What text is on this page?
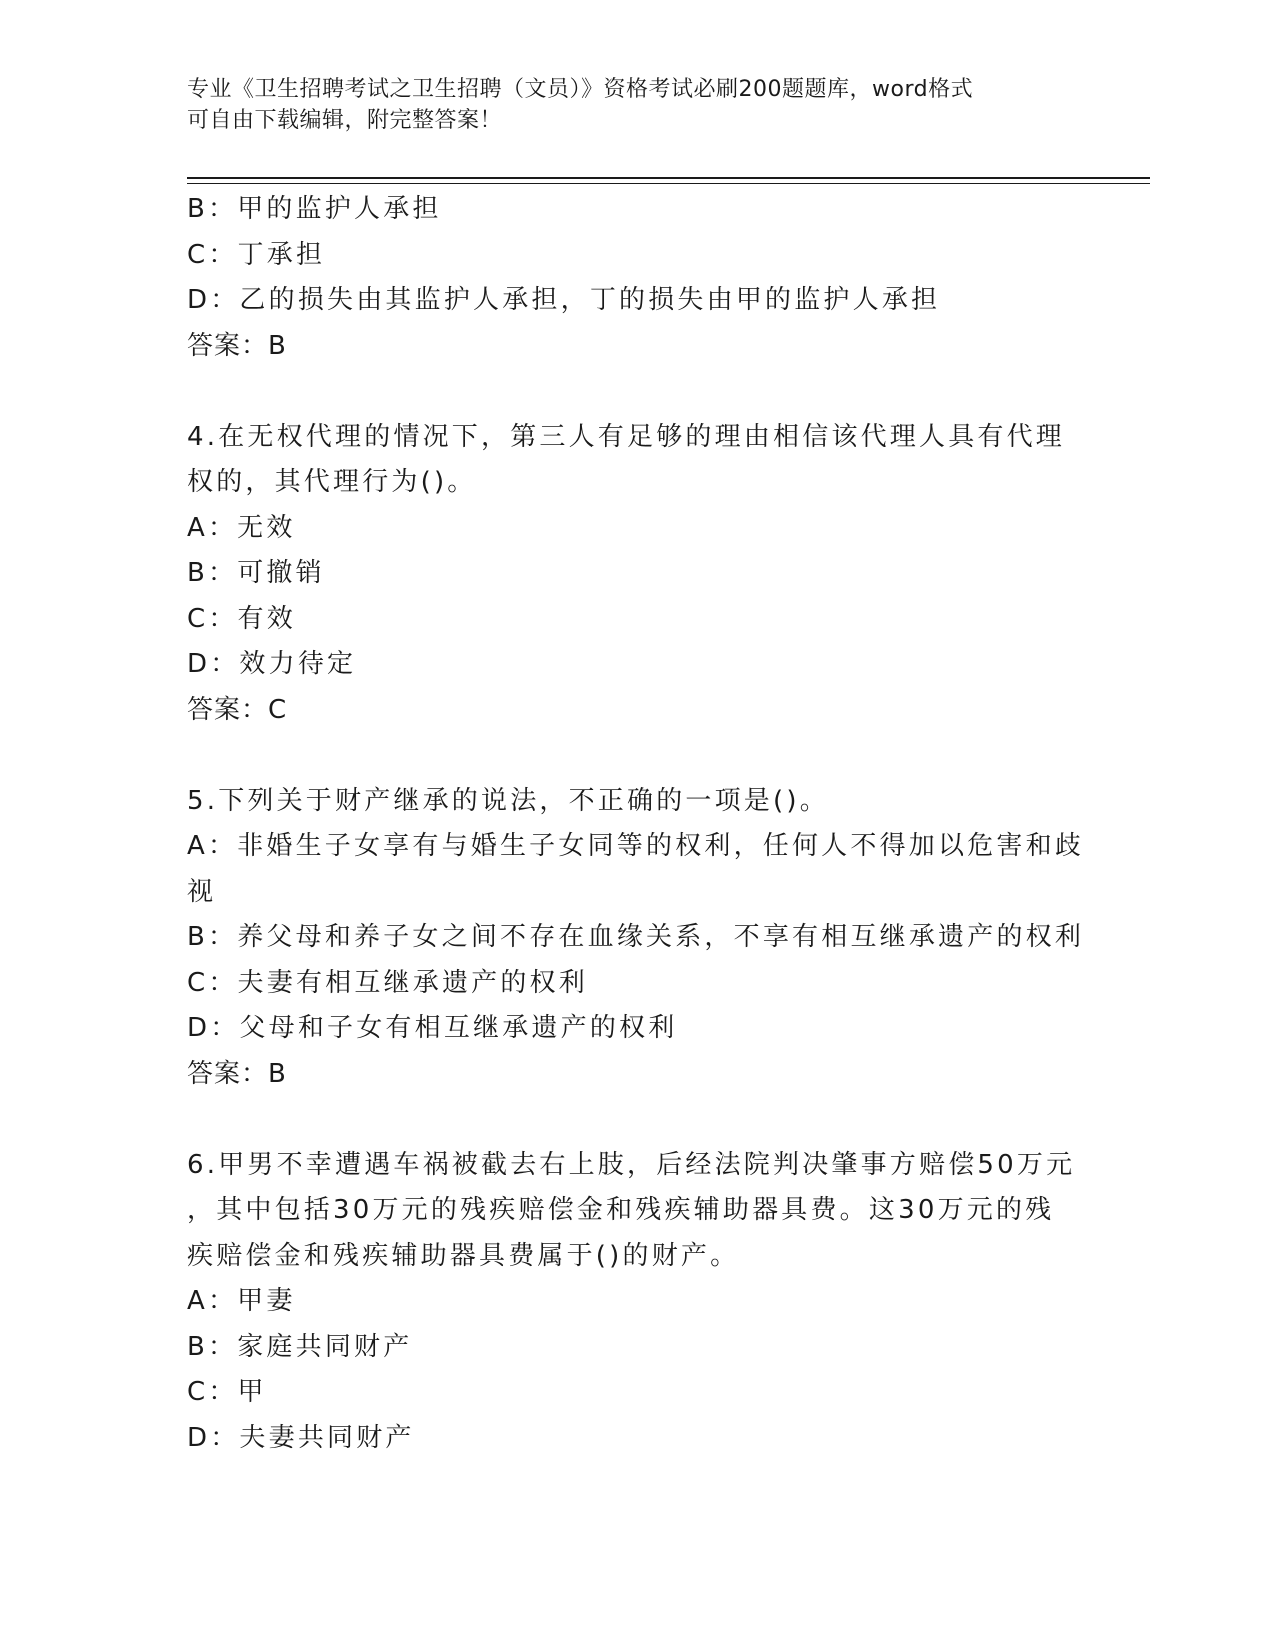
专业《卫生招聘考试之卫生招聘（文员）》资格考试必刷200题题库，word格式
可自由下载编辑，附完整答案！
B：甲的监护人承担
C：丁承担
D：乙的损失由其监护人承担，丁的损失由甲的监护人承担
答案：B
4.在无权代理的情况下，第三人有足够的理由相信该代理人具有代理
权的，其代理行为()。
A：无效
B：可撤销
C：有效
D：效力待定
答案：C
5.下列关于财产继承的说法，不正确的一项是()。
A：非婚生子女享有与婚生子女同等的权利，任何人不得加以危害和歧
视
B：养父母和养子女之间不存在血缘关系，不享有相互继承遗产的权利
C：夫妻有相互继承遗产的权利
D：父母和子女有相互继承遗产的权利
答案：B
6.甲男不幸遭遇车祸被截去右上肢，后经法院判决肇事方赔偿50万元
，其中包括30万元的残疾赔偿金和残疾辅助器具费。这30万元的残
疾赔偿金和残疾辅助器具费属于()的财产。
A：甲妻
B：家庭共同财产
C：甲
D：夫妻共同财产
